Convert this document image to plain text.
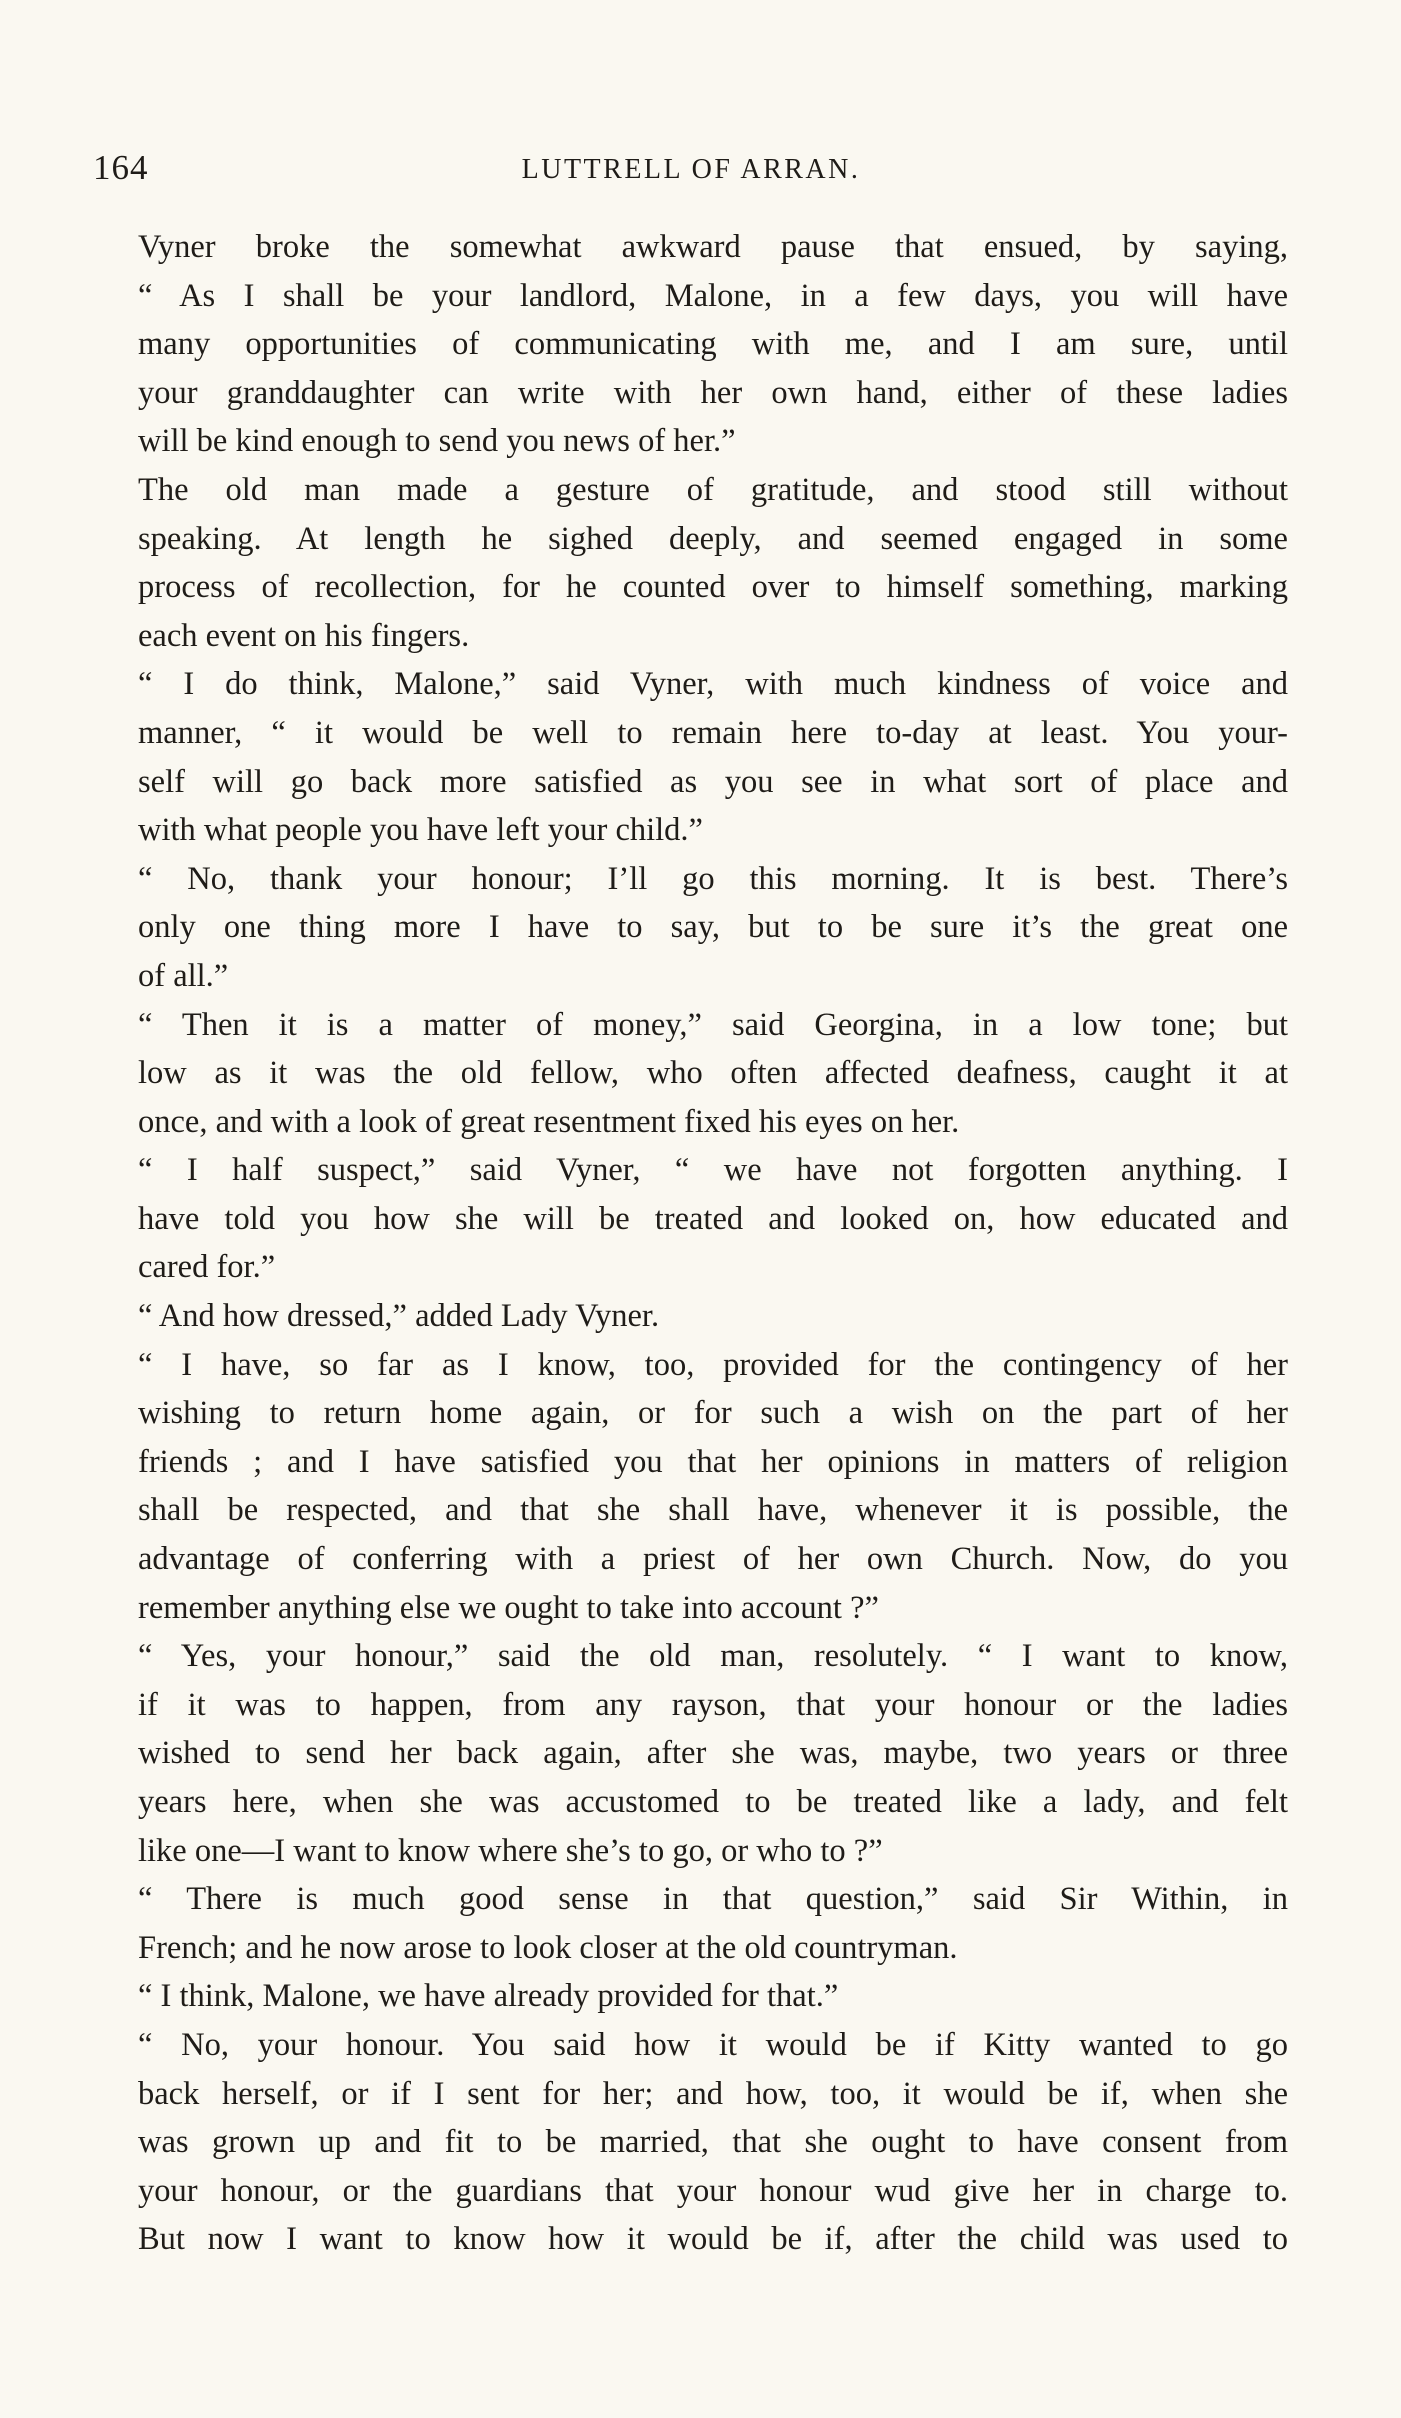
164	LUTTRELL OF ARRAN.
Vyner broke the somewhat awkward pause that ensued, by saying,
“ As I shall be your landlord, Malone, in a few days, you will have
many opportunities of communicating with me, and I am sure, until
your granddaughter can write with her own hand, either of these ladies
will be kind enough to send you news of her.”
The old man made a gesture of gratitude, and stood still without
speaking. At length he sighed deeply, and seemed engaged in some
process of recollection, for he counted over to himself something, marking
each event on his fingers.
“ I do think, Malone,” said Vyner, with much kindness of voice and
manner, “ it would be well to remain here to-day at least. You your-
self will go back more satisfied as you see in what sort of place and
with what people you have left your child.”
“ No, thank your honour; I’ll go this morning. It is best. There’s
only one thing more I have to say, but to be sure it’s the great one
of all.”
“ Then it is a matter of money,” said Georgina, in a low tone; but
low as it was the old fellow, who often affected deafness, caught it at
once, and with a look of great resentment fixed his eyes on her.
“ I half suspect,” said Vyner, “ we have not forgotten anything. I
have told you how she will be treated and looked on, how educated and
cared for.”
“ And how dressed,” added Lady Vyner.
“ I have, so far as I know, too, provided for the contingency of her
wishing to return home again, or for such a wish on the part of her
friends ; and I have satisfied you that her opinions in matters of religion
shall be respected, and that she shall have, whenever it is possible, the
advantage of conferring with a priest of her own Church. Now, do you
remember anything else we ought to take into account ?”
“ Yes, your honour,” said the old man, resolutely. “ I want to know,
if it was to happen, from any rayson, that your honour or the ladies
wished to send her back again, after she was, maybe, two years or three
years here, when she was accustomed to be treated like a lady, and felt
like one—I want to know where she’s to go, or who to ?”
“ There is much good sense in that question,” said Sir Within, in
French; and he now arose to look closer at the old countryman.
“ I think, Malone, we have already provided for that.”
“ No, your honour. You said how it would be if Kitty wanted to go
back herself, or if I sent for her; and how, too, it would be if, when she
was grown up and fit to be married, that she ought to have consent from
your honour, or the guardians that your honour wud give her in charge to.
But now I want to know how it would be if, after the child was used to
